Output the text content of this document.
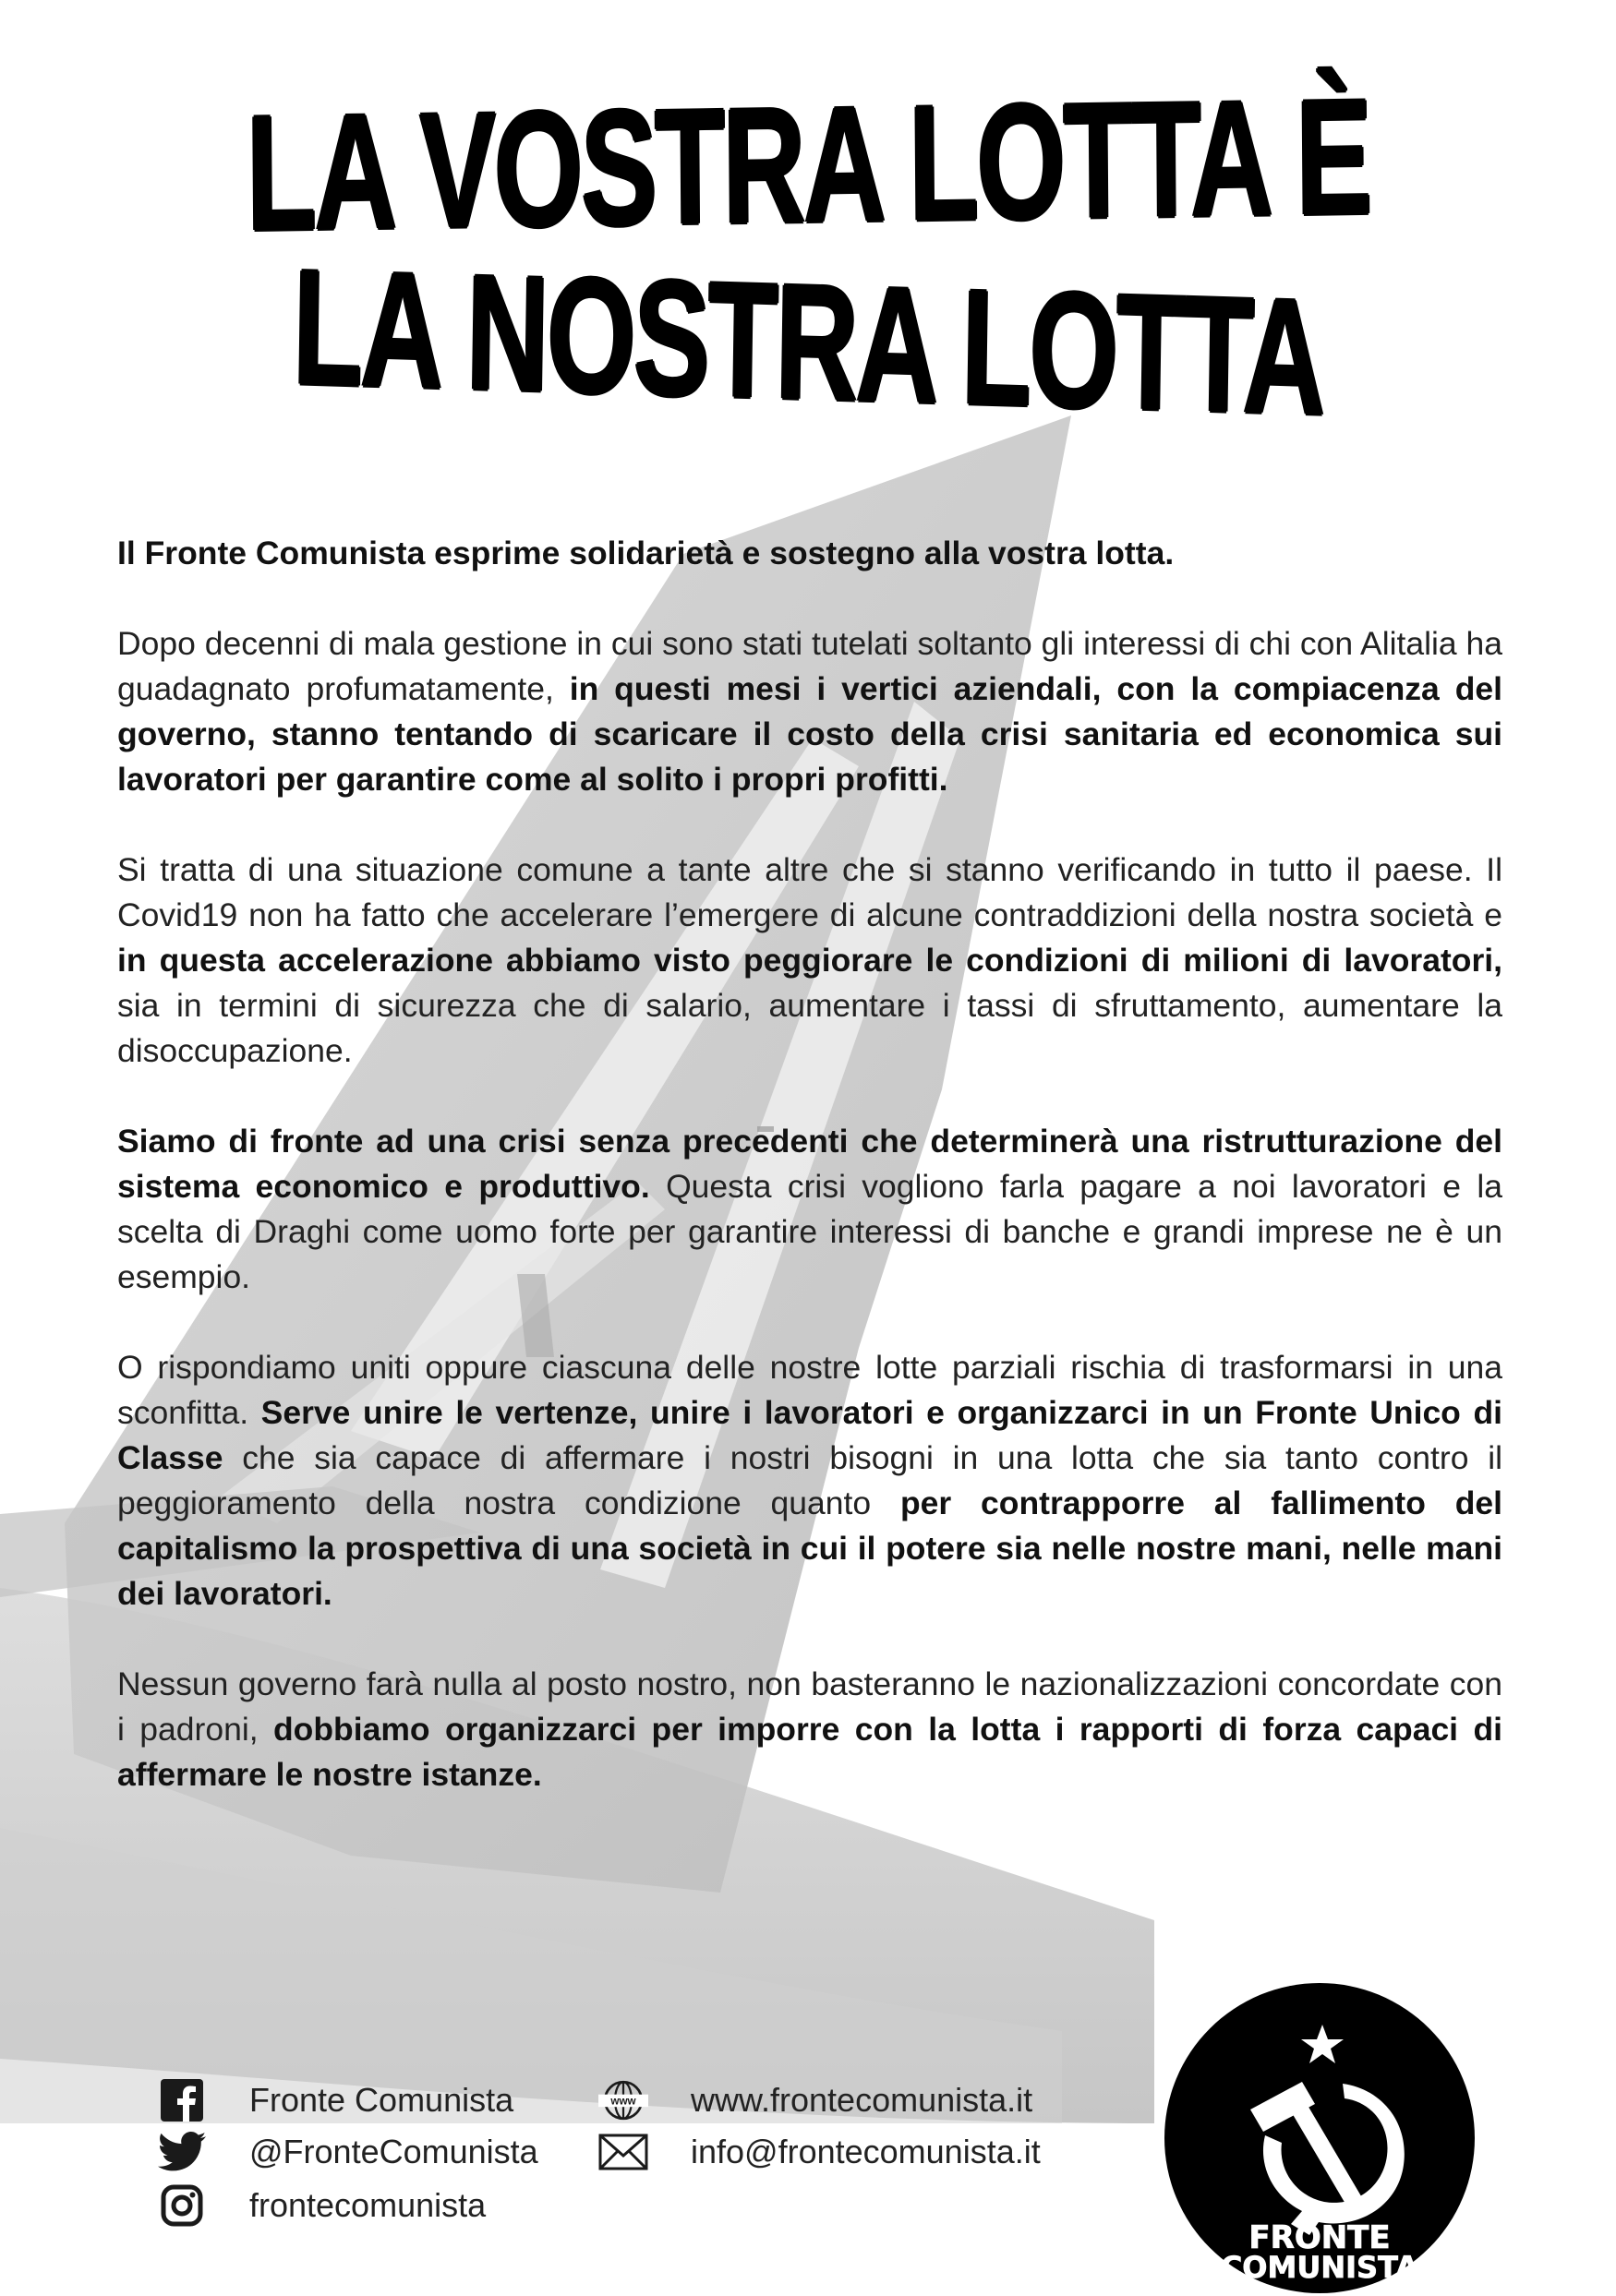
LA VOSTRA LOTTA È
LA NOSTRA LOTTA

Il Fronte Comunista esprime solidarietà e sostegno alla vostra lotta.

Dopo decenni di mala gestione in cui sono stati tutelati soltanto gli interessi di chi con Alitalia ha guadagnato profumatamente, in questi mesi i vertici aziendali, con la compiacenza del governo, stanno tentando di scaricare il costo della crisi sanitaria ed economica sui lavoratori per garantire come al solito i propri profitti.

Si tratta di una situazione comune a tante altre che si stanno verificando in tutto il paese. Il Covid19 non ha fatto che accelerare l’emergere di alcune contraddizioni della nostra società e in questa accelerazione abbiamo visto peggiorare le condizioni di milioni di lavoratori, sia in termini di sicurezza che di salario, aumentare i tassi di sfruttamento, aumentare la disoccupazione.

Siamo di fronte ad una crisi senza precedenti che determinerà una ristrutturazione del sistema economico e produttivo. Questa crisi vogliono farla pagare a noi lavoratori e la scelta di Draghi come uomo forte per garantire interessi di banche e grandi imprese ne è un esempio.

O rispondiamo uniti oppure ciascuna delle nostre lotte parziali rischia di trasformarsi in una sconfitta. Serve unire le vertenze, unire i lavoratori e organizzarci in un Fronte Unico di Classe che sia capace di affermare i nostri bisogni in una lotta che sia tanto contro il peggioramento della nostra condizione quanto per contrapporre al fallimento del capitalismo la prospettiva di una società in cui il potere sia nelle nostre mani, nelle mani dei lavoratori.

Nessun governo farà nulla al posto nostro, non basteranno le nazionalizzazioni concordate con i padroni, dobbiamo organizzarci per imporre con la lotta i rapporti di forza capaci di affermare le nostre istanze.

Fronte Comunista
@FronteComunista
frontecomunista
www www.frontecomunista.it
info@frontecomunista.it
FRONTE
COMUNISTA
